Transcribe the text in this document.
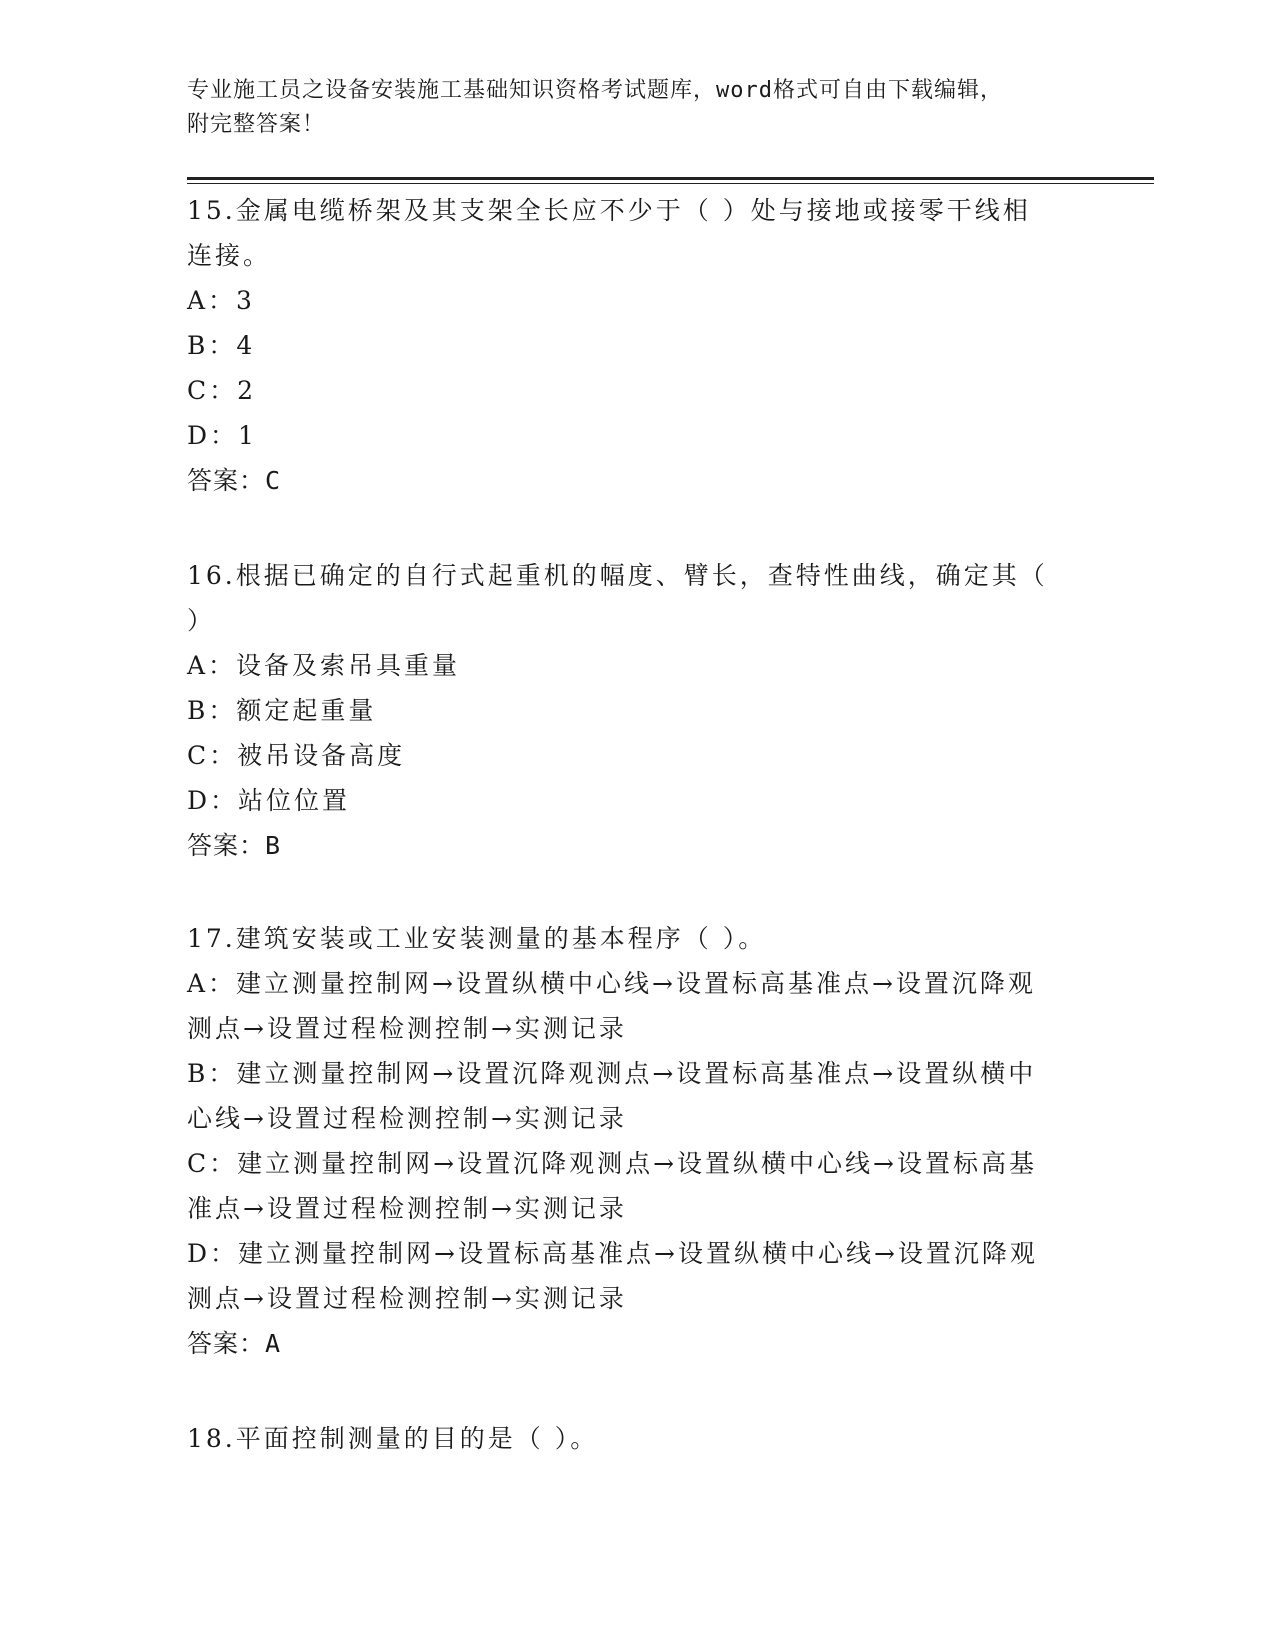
专业施工员之设备安装施工基础知识资格考试题库，word格式可自由下载编辑，
附完整答案！

15.金属电缆桥架及其支架全长应不少于（ ）处与接地或接零干线相

连接。

A：3

B：4

C：2

D：1

答案：C

16.根据已确定的自行式起重机的幅度、臂长，查特性曲线，确定其（

）

A：设备及索吊具重量

B：额定起重量

C：被吊设备高度

D：站位位置

答案：B

17.建筑安装或工业安装测量的基本程序（ ）。

A：建立测量控制网→设置纵横中心线→设置标高基准点→设置沉降观

测点→设置过程检测控制→实测记录

B：建立测量控制网→设置沉降观测点→设置标高基准点→设置纵横中

心线→设置过程检测控制→实测记录

C：建立测量控制网→设置沉降观测点→设置纵横中心线→设置标高基

准点→设置过程检测控制→实测记录

D：建立测量控制网→设置标高基准点→设置纵横中心线→设置沉降观

测点→设置过程检测控制→实测记录

答案：A

18.平面控制测量的目的是（ ）。
